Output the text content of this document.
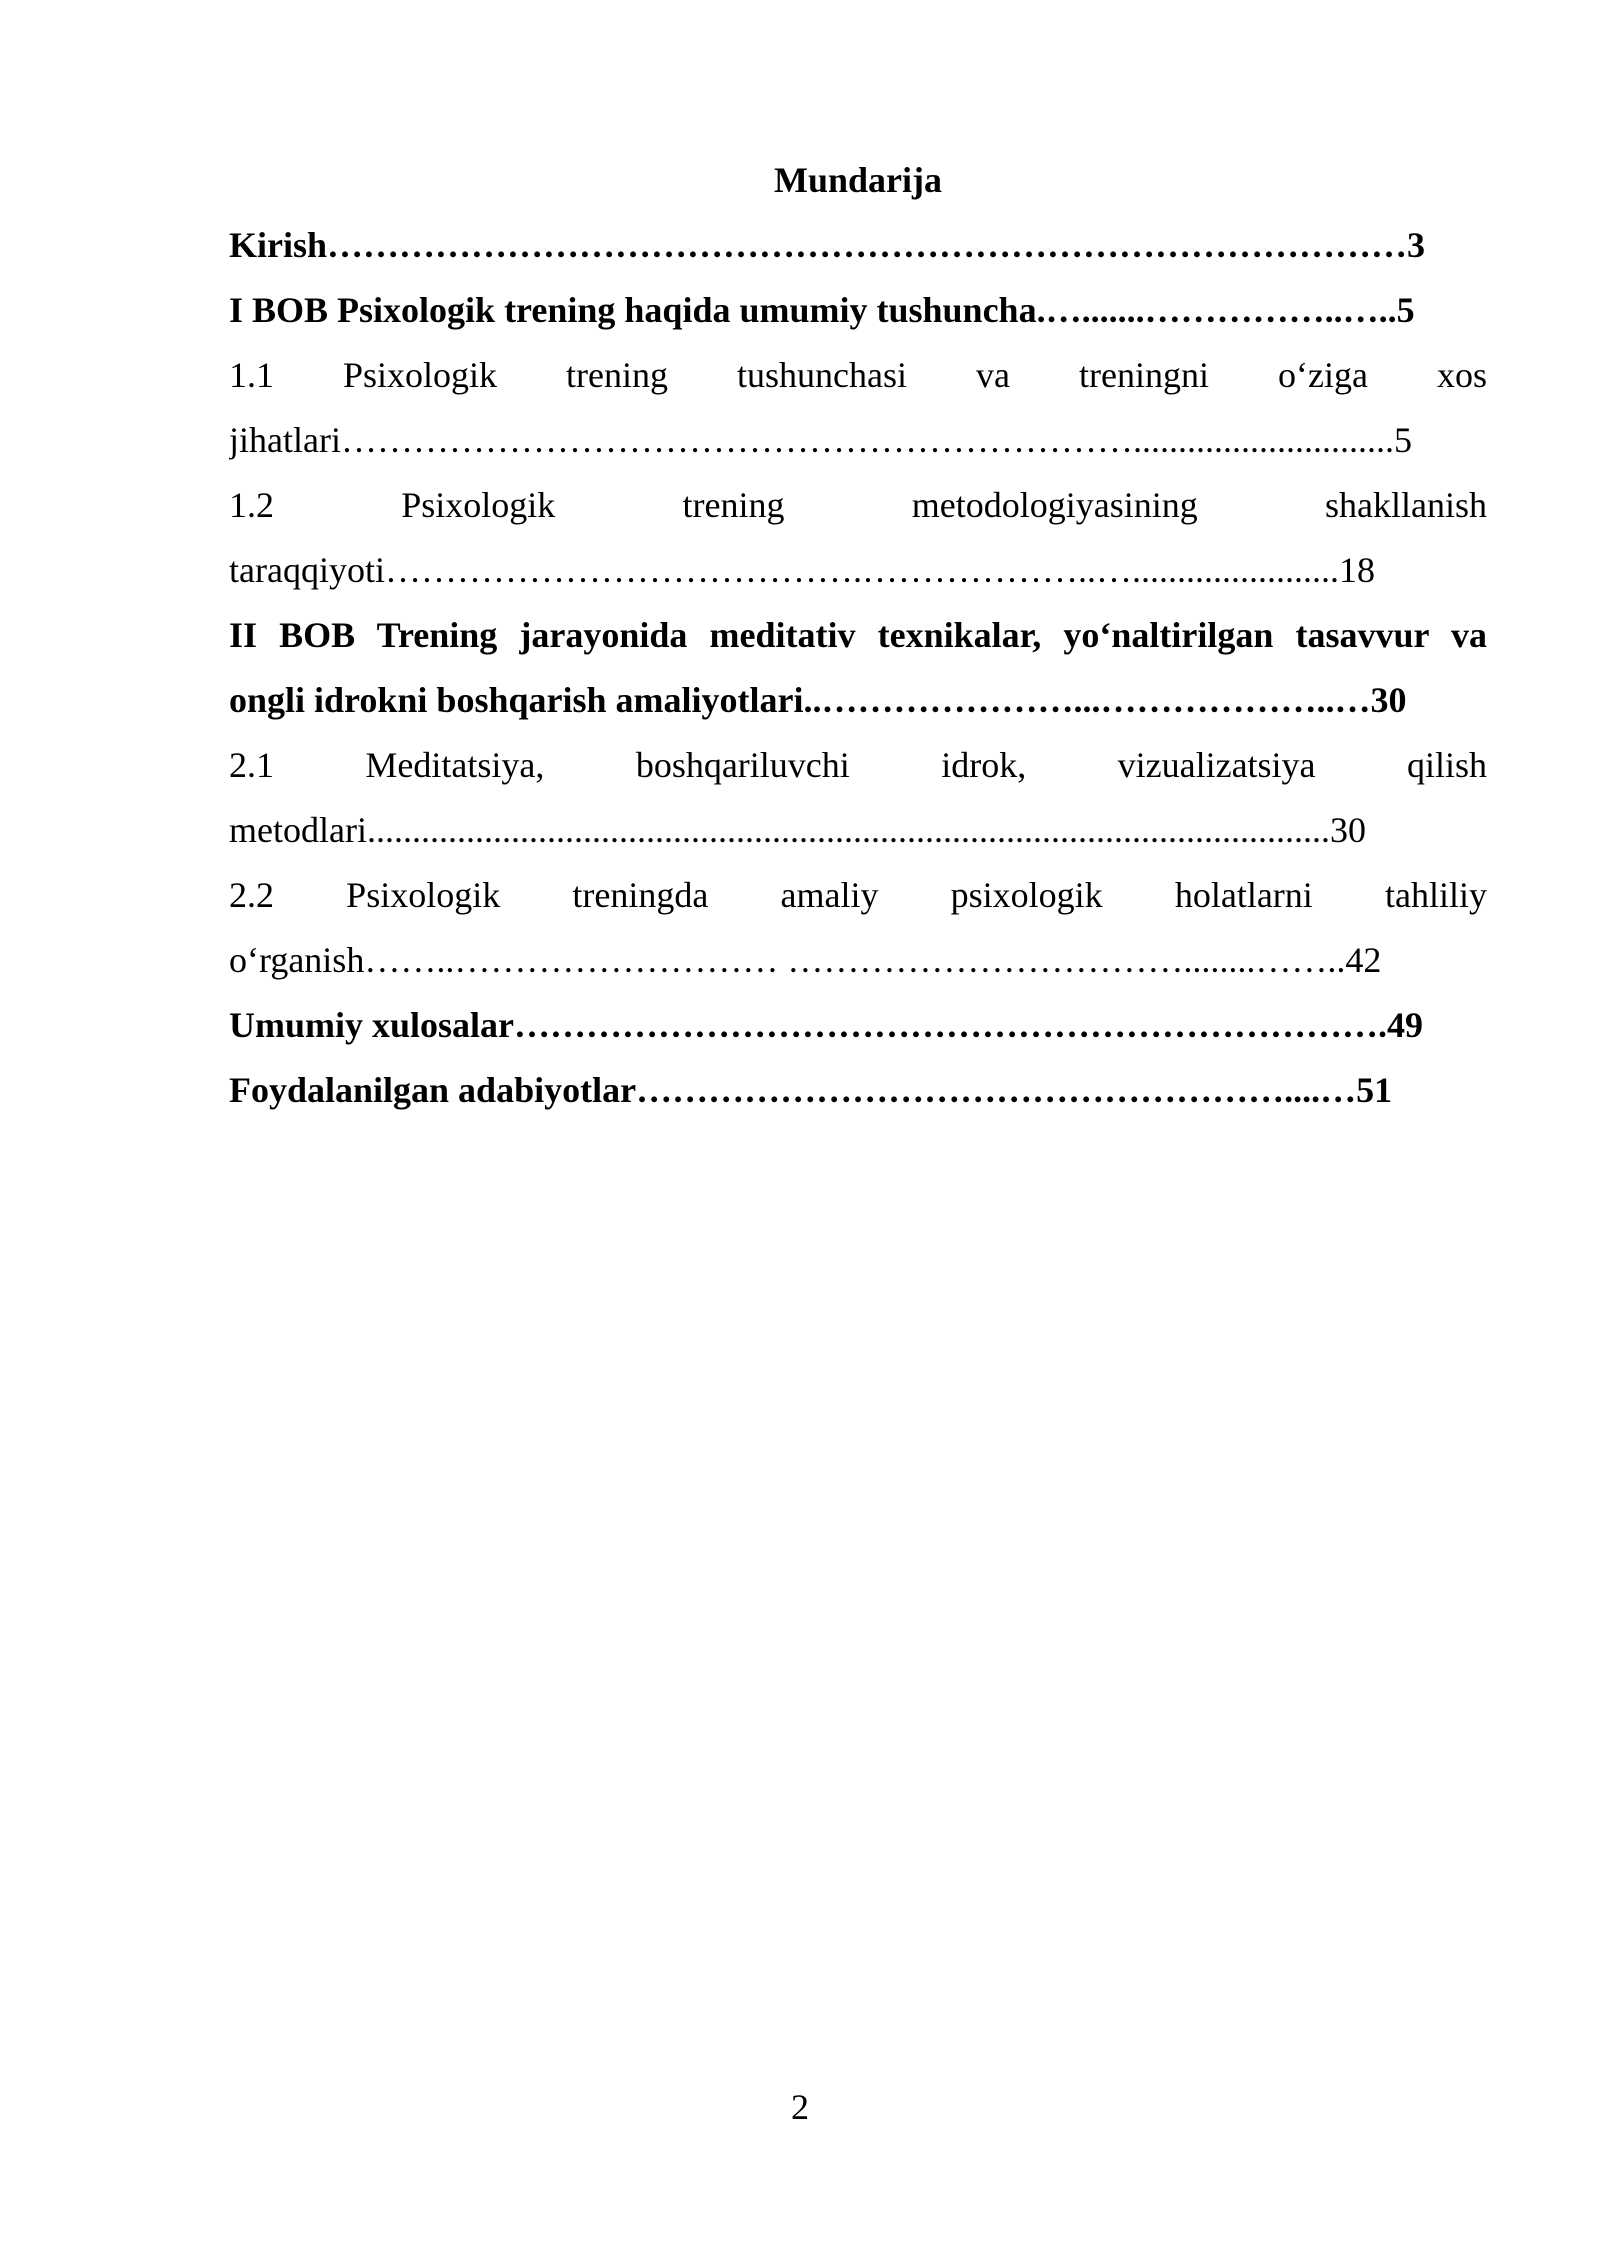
Mundarija
Kirish………………………………………………………………………………3
I BOB Psixologik trening haqida umumiy tushuncha.….......……………..…..5
1.1 Psixologik trening tushunchasi va treningni o‘ziga xos
jihatlari………………………………………………………….............................5
1.2	Psixologik	trening	metodologiyasining	shakllanish
taraqqiyoti………………………………….………………..….......................18
II BOB Trening jarayonida meditativ texnikalar, yo‘naltirilgan tasavvur va
ongli idrokni boshqarish amaliyotlari..…………………...………………..…30
2.1	Meditatsiya,	boshqariluvchi	idrok,	vizualizatsiya	qilish
metodlari...........................................................................................................30
2.2 Psixologik treningda amaliy psixologik holatlarni tahliliy
o‘rganish……..……………………… ……………………………........……..42
Umumiy xulosalar……………………………………………………………….49
Foydalanilgan adabiyotlar………………………………………………....…51
2
